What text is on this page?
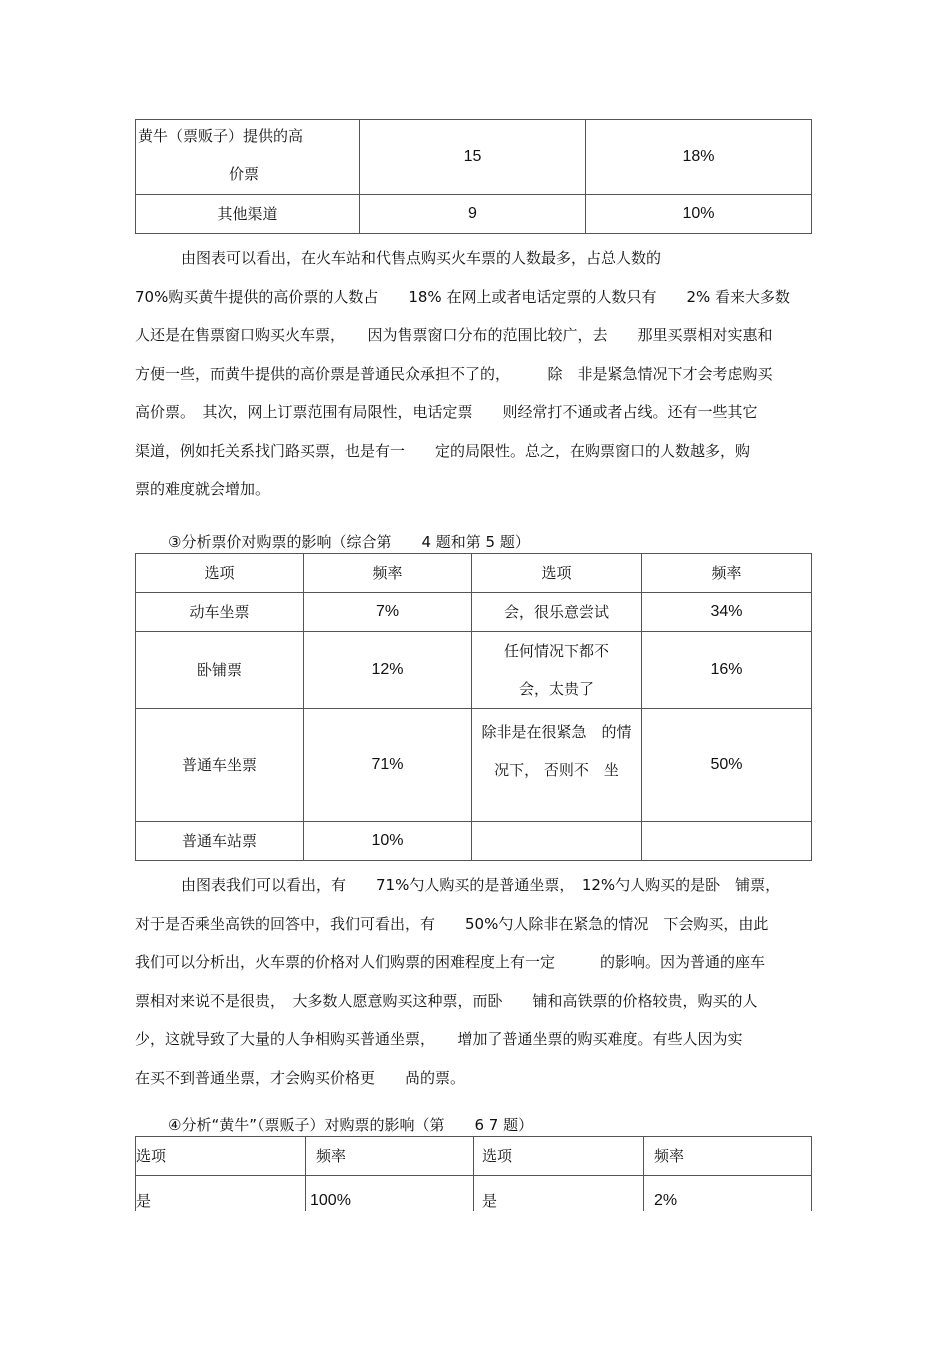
黄牛（票贩子）提供的高
价票	15	18%
其他渠道	9	10%
由图表可以看出，在火车站和代售点购买火车票的人数最多，占总人数的
70%购买黄牛提供的高价票的人数占　　18% 在网上或者电话定票的人数只有　　2% 看来大多数
人还是在售票窗口购买火车票，　　因为售票窗口分布的范围比较广，去　　那里买票相对实惠和
方便一些，而黄牛提供的高价票是普通民众承担不了的，　　　除　非是紧急情况下才会考虑购买
高价票。　其次，网上订票范围有局限性，电话定票　　则经常打不通或者占线。还有一些其它
渠道，例如托关系找门路买票，也是有一　　定的局限性。总之，在购票窗口的人数越多，购
票的难度就会增加。

③分析票价对购票的影响（综合第　　4 题和第 5 题）

选项	频率	选项	频率
动车坐票	7%	会，很乐意尝试	34%
卧铺票	12%	任何情况下都不
会，太贵了	16%
普通车坐票	71%	除非是在很紧急　的情
况下， 否则不　坐	50%
普通车站票	10%		
由图表我们可以看出，有　　71%勺人购买的是普通坐票，　12%勺人购买的是卧　铺票，
对于是否乘坐高铁的回答中，我们可看出，有　　50%勺人除非在紧急的情况　下会购买，由此
我们可以分析出，火车票的价格对人们购票的困难程度上有一定　　　的影响。因为普通的座车
票相对来说不是很贵，　大多数人愿意购买这种票，而卧　　铺和高铁票的价格较贵，购买的人
少，这就导致了大量的人争相购买普通坐票，　　增加了普通坐票的购买难度。有些人因为实
在买不到普通坐票，才会购买价格更　　咼的票。

④分析“黄牛”（票贩子）对购票的影响（第　　6 7 题）

选项	频率	选项	频率
是	100%	是	2%
